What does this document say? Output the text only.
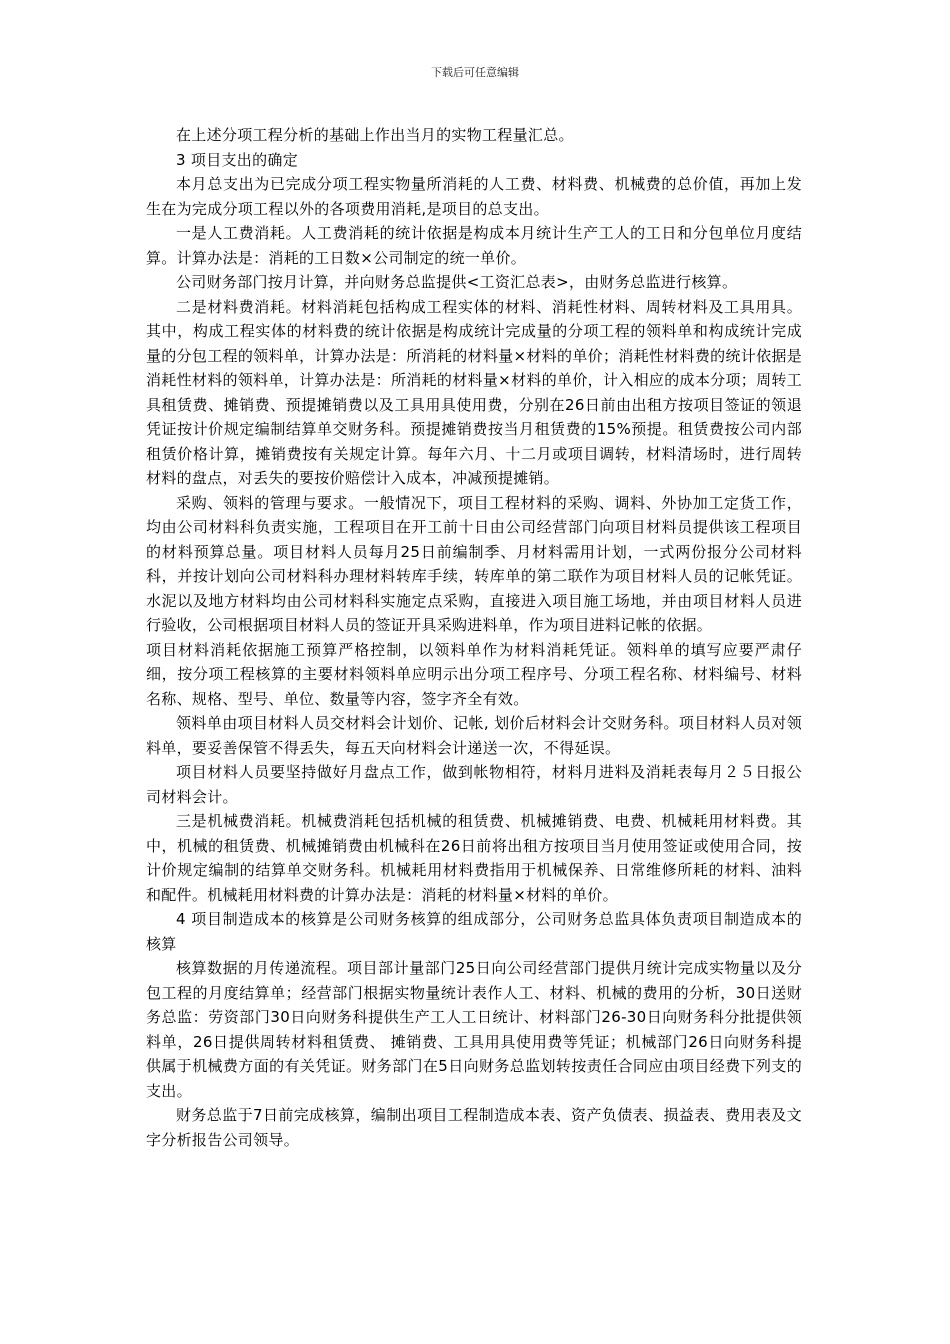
下载后可任意编辑

在上述分项工程分析的基础上作出当月的实物工程量汇总。

3 项目支出的确定

本月总支出为已完成分项工程实物量所消耗的人工费、材料费、机械费的总价值，再加上发生在为完成分项工程以外的各项费用消耗,是项目的总支出。

一是人工费消耗。人工费消耗的统计依据是构成本月统计生产工人的工日和分包单位月度结算。计算办法是：消耗的工日数×公司制定的统一单价。

公司财务部门按月计算，并向财务总监提供<工资汇总表>，由财务总监进行核算。

二是材料费消耗。材料消耗包括构成工程实体的材料、消耗性材料、周转材料及工具用具。其中，构成工程实体的材料费的统计依据是构成统计完成量的分项工程的领料单和构成统计完成量的分包工程的领料单，计算办法是：所消耗的材料量×材料的单价；消耗性材料费的统计依据是消耗性材料的领料单，计算办法是：所消耗的材料量×材料的单价，计入相应的成本分项；周转工具租赁费、摊销费、预提摊销费以及工具用具使用费，分别在26日前由出租方按项目签证的领退凭证按计价规定编制结算单交财务科。预提摊销费按当月租赁费的15%预提。租赁费按公司内部租赁价格计算，摊销费按有关规定计算。每年六月、十二月或项目调转，材料清场时，进行周转材料的盘点，对丢失的要按价赔偿计入成本，冲减预提摊销。

采购、领料的管理与要求。一般情况下，项目工程材料的采购、调料、外协加工定货工作，均由公司材料科负责实施，工程项目在开工前十日由公司经营部门向项目材料员提供该工程项目的材料预算总量。项目材料人员每月25日前编制季、月材料需用计划，一式两份报分公司材料科，并按计划向公司材料科办理材料转库手续，转库单的第二联作为项目材料人员的记帐凭证。水泥以及地方材料均由公司材料科实施定点采购，直接进入项目施工场地，并由项目材料人员进行验收，公司根据项目材料人员的签证开具采购进料单，作为项目进料记帐的依据。

项目材料消耗依据施工预算严格控制，以领料单作为材料消耗凭证。领料单的填写应要严肃仔细，按分项工程核算的主要材料领料单应明示出分项工程序号、分项工程名称、材料编号、材料名称、规格、型号、单位、数量等内容，签字齐全有效。

领料单由项目材料人员交材料会计划价、记帐, 划价后材料会计交财务科。项目材料人员对领料单，要妥善保管不得丢失，每五天向材料会计递送一次，不得延误。

项目材料人员要坚持做好月盘点工作，做到帐物相符，材料月进料及消耗表每月２５日报公司材料会计。

三是机械费消耗。机械费消耗包括机械的租赁费、机械摊销费、电费、机械耗用材料费。其中，机械的租赁费、机械摊销费由机械科在26日前将出租方按项目当月使用签证或使用合同，按计价规定编制的结算单交财务科。机械耗用材料费指用于机械保养、日常维修所耗的材料、油料和配件。机械耗用材料费的计算办法是：消耗的材料量×材料的单价。

4 项目制造成本的核算是公司财务核算的组成部分，公司财务总监具体负责项目制造成本的核算

核算数据的月传递流程。项目部计量部门25日向公司经营部门提供月统计完成实物量以及分包工程的月度结算单；经营部门根据实物量统计表作人工、材料、机械的费用的分析，30日送财务总监：劳资部门30日向财务科提供生产工人工日统计、材料部门26-30日向财务科分批提供领料单，26日提供周转材料租赁费、 摊销费、工具用具使用费等凭证；机械部门26日向财务科提供属于机械费方面的有关凭证。财务部门在5日向财务总监划转按责任合同应由项目经费下列支的支出。

财务总监于7日前完成核算，编制出项目工程制造成本表、资产负债表、损益表、费用表及文字分析报告公司领导。
